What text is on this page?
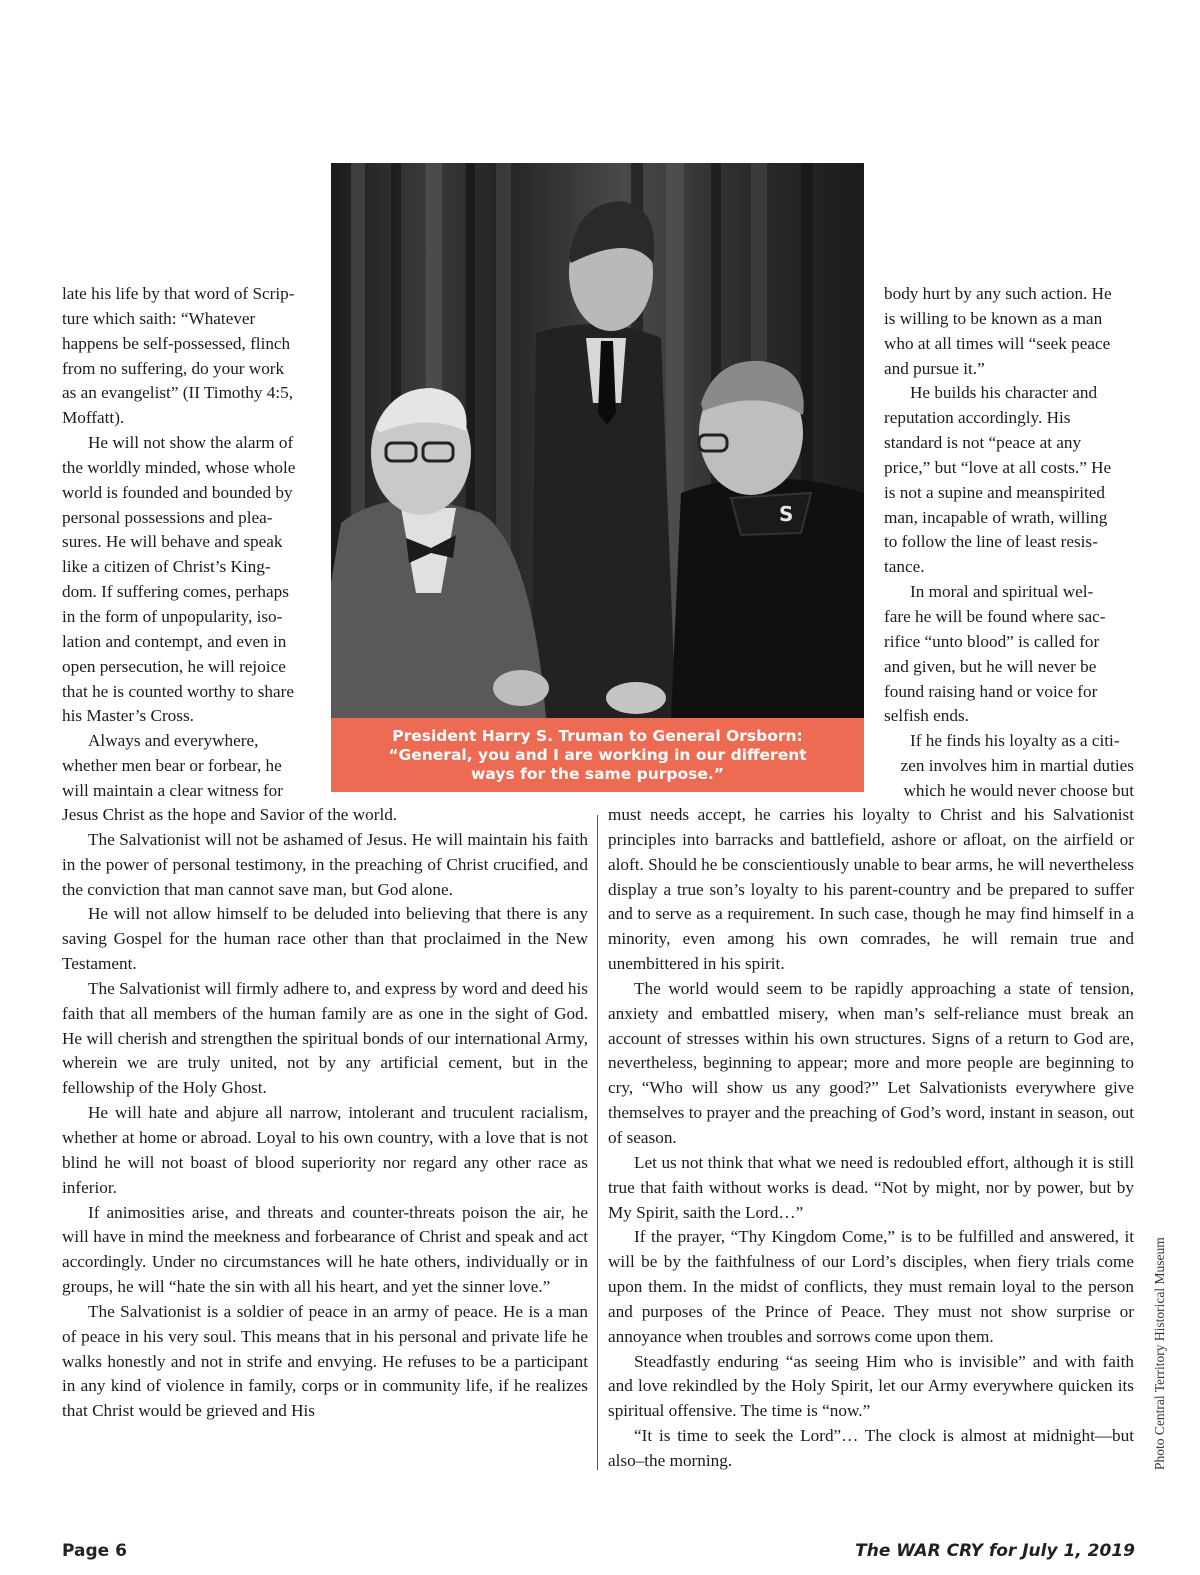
S
President Harry S. Truman to General Orsborn:
“General, you and I are working in our different
ways for the same purpose.”
late his life by that word of Scrip-
ture which saith: “Whatever
happens be self-possessed, flinch
from no suffering, do your work
as an evangelist” (II Timothy 4:5,
Moffatt).
He will not show the alarm of
the worldly minded, whose whole
world is founded and bounded by
personal possessions and plea-
sures. He will behave and speak
like a citizen of Christ’s King-
dom. If suffering comes, perhaps
in the form of unpopularity, iso-
lation and contempt, and even in
open persecution, he will rejoice
that he is counted worthy to share
his Master’s Cross.
Always and everywhere,
whether men bear or forbear, he
will maintain a clear witness for
body hurt by any such action. He
is willing to be known as a man
who at all times will “seek peace
and pursue it.”
He builds his character and
reputation accordingly. His
standard is not “peace at any
price,” but “love at all costs.” He
is not a supine and meanspirited
man, incapable of wrath, willing
to follow the line of least resis-
tance.
In moral and spiritual wel-
fare he will be found where sac-
rifice “unto blood” is called for
and given, but he will never be
found raising hand or voice for
selfish ends.
If he finds his loyalty as a citi-
zen involves him in martial duties
which he would never choose but

Jesus Christ as the hope and Savior of the world.

The Salvationist will not be ashamed of Jesus. He will maintain his faith in the power of personal testimony, in the preaching of Christ crucified, and the conviction that man cannot save man, but God alone.

He will not allow himself to be deluded into believing that there is any saving Gospel for the human race other than that proclaimed in the New Testament.

The Salvationist will firmly adhere to, and express by word and deed his faith that all members of the human family are as one in the sight of God. He will cherish and strengthen the spiritual bonds of our international Army, wherein we are truly united, not by any artificial cement, but in the fellowship of the Holy Ghost.

He will hate and abjure all narrow, intolerant and truculent racialism, whether at home or abroad. Loyal to his own country, with a love that is not blind he will not boast of blood superiority nor regard any other race as inferior.

If animosities arise, and threats and counter-threats poison the air, he will have in mind the meekness and forbearance of Christ and speak and act accordingly. Under no circumstances will he hate others, individually or in groups, he will “hate the sin with all his heart, and yet the sinner love.”

The Salvationist is a soldier of peace in an army of peace. He is a man of peace in his very soul. This means that in his personal and private life he walks honestly and not in strife and envying. He refuses to be a participant in any kind of violence in family, corps or in community life, if he realizes that Christ would be grieved and His

must needs accept, he carries his loyalty to Christ and his Salvationist principles into barracks and battlefield, ashore or afloat, on the airfield or aloft. Should he be conscientiously unable to bear arms, he will nevertheless display a true son’s loyalty to his parent-country and be prepared to suffer and to serve as a requirement. In such case, though he may find himself in a minority, even among his own comrades, he will remain true and unembittered in his spirit.

The world would seem to be rapidly approaching a state of tension, anxiety and embattled misery, when man’s self-reliance must break an account of stresses within his own structures. Signs of a return to God are, nevertheless, beginning to appear; more and more people are beginning to cry, “Who will show us any good?” Let Salvationists everywhere give themselves to prayer and the preaching of God’s word, instant in season, out of season.

Let us not think that what we need is redoubled effort, although it is still true that faith without works is dead. “Not by might, nor by power, but by My Spirit, saith the Lord…”

If the prayer, “Thy Kingdom Come,” is to be fulfilled and answered, it will be by the faithfulness of our Lord’s disciples, when fiery trials come upon them. In the midst of conflicts, they must remain loyal to the person and purposes of the Prince of Peace. They must not show surprise or annoyance when troubles and sorrows come upon them.

Steadfastly enduring “as seeing Him who is invisible” and with faith and love rekindled by the Holy Spirit, let our Army everywhere quicken its spiritual offensive. The time is “now.”

“It is time to seek the Lord”… The clock is almost at midnight—but also–the morning.	Photo Central Territory Historical Museum
Page 6	The WAR CRY for July 1, 2019
